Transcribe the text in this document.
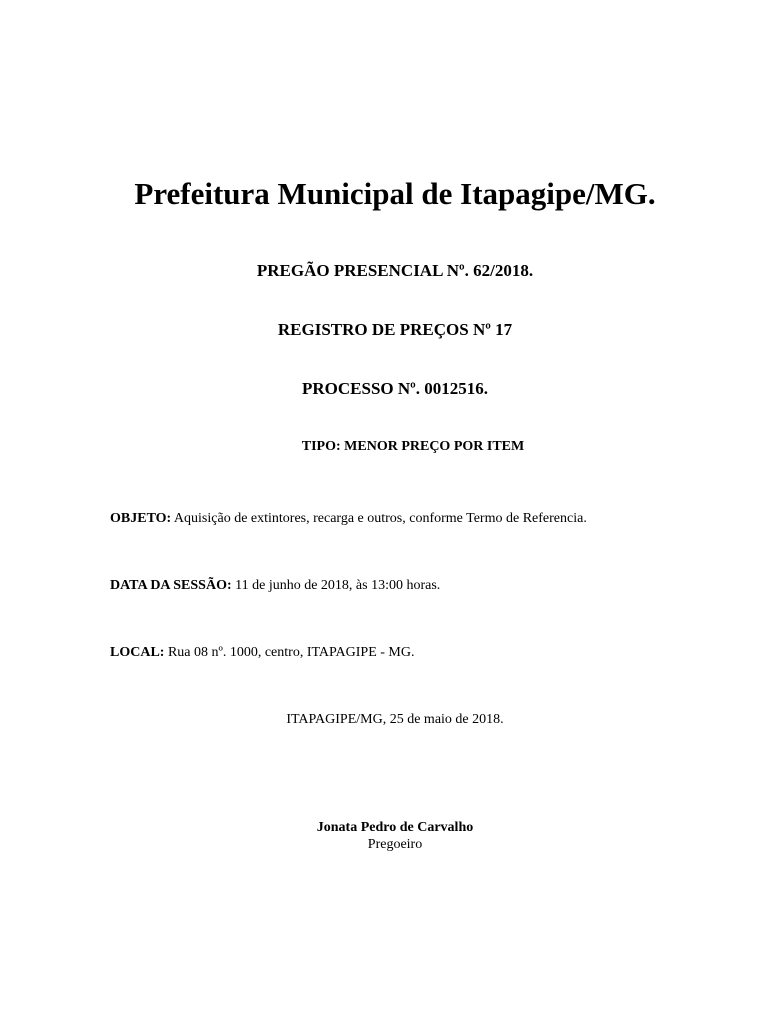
Prefeitura Municipal de Itapagipe/MG.
PREGÃO PRESENCIAL Nº. 62/2018.
REGISTRO DE PREÇOS Nº 17
PROCESSO Nº. 0012516.
TIPO: MENOR PREÇO POR ITEM
OBJETO: Aquisição de extintores, recarga e outros, conforme Termo de Referencia.
DATA DA SESSÃO: 11 de junho de 2018, às 13:00 horas.
LOCAL: Rua 08 nº. 1000, centro, ITAPAGIPE - MG.
ITAPAGIPE/MG, 25 de maio de 2018.
Jonata Pedro de Carvalho
Pregoeiro
